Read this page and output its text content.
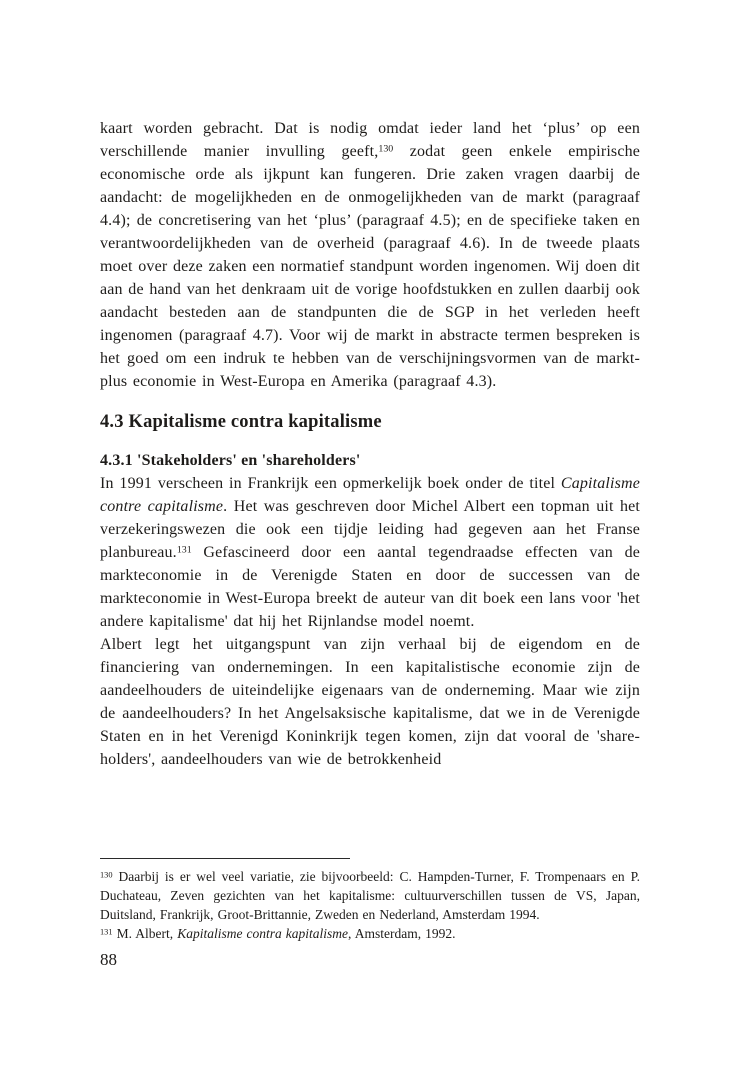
kaart worden gebracht. Dat is nodig omdat ieder land het ‘plus’ op een verschillende manier invulling geeft,$^{130}$ zodat geen enkele empirische economische orde als ijkpunt kan fungeren. Drie zaken vragen daarbij de aandacht: de mogelijkheden en de onmogelijkheden van de markt (paragraaf 4.4); de concretisering van het ‘plus’ (paragraaf 4.5); en de specifieke taken en verantwoordelijkheden van de overheid (paragraaf 4.6). In de tweede plaats moet over deze zaken een normatief standpunt worden ingenomen. Wij doen dit aan de hand van het denkraam uit de vorige hoofdstukken en zullen daarbij ook aandacht besteden aan de standpunten die de SGP in het verleden heeft ingenomen (paragraaf 4.7). Voor wij de markt in abstracte termen bespreken is het goed om een indruk te hebben van de verschijningsvormen van de markt-plus economie in West-Europa en Amerika (paragraaf 4.3).

4.3 Kapitalisme contra kapitalisme
4.3.1 'Stakeholders' en 'shareholders'

In 1991 verscheen in Frankrijk een opmerkelijk boek onder de titel Capitalisme contre capitalisme. Het was geschreven door Michel Albert een topman uit het verzekeringswezen die ook een tijdje leiding had gegeven aan het Franse planbureau.$^{131}$ Gefascineerd door een aantal tegendraadse effecten van de markteconomie in de Verenigde Staten en door de successen van de markteconomie in West-Europa breekt de auteur van dit boek een lans voor 'het andere kapitalisme' dat hij het Rijnlandse model noemt.

Albert legt het uitgangspunt van zijn verhaal bij de eigendom en de financiering van ondernemingen. In een kapitalistische economie zijn de aandeelhouders de uiteindelijke eigenaars van de onderneming. Maar wie zijn de aandeelhouders? In het Angelsaksische kapitalisme, dat we in de Verenigde Staten en in het Verenigd Koninkrijk tegen komen, zijn dat vooral de 'share-holders', aandeelhouders van wie de betrokkenheid

$^{130}$ Daarbij is er wel veel variatie, zie bijvoorbeeld: C. Hampden-Turner, F. Trompenaars en P. Duchateau, Zeven gezichten van het kapitalisme: cultuurverschillen tussen de VS, Japan, Duitsland, Frankrijk, Groot-Brittannie, Zweden en Nederland, Amsterdam 1994.

$^{131}$ M. Albert, Kapitalisme contra kapitalisme, Amsterdam, 1992.

88
